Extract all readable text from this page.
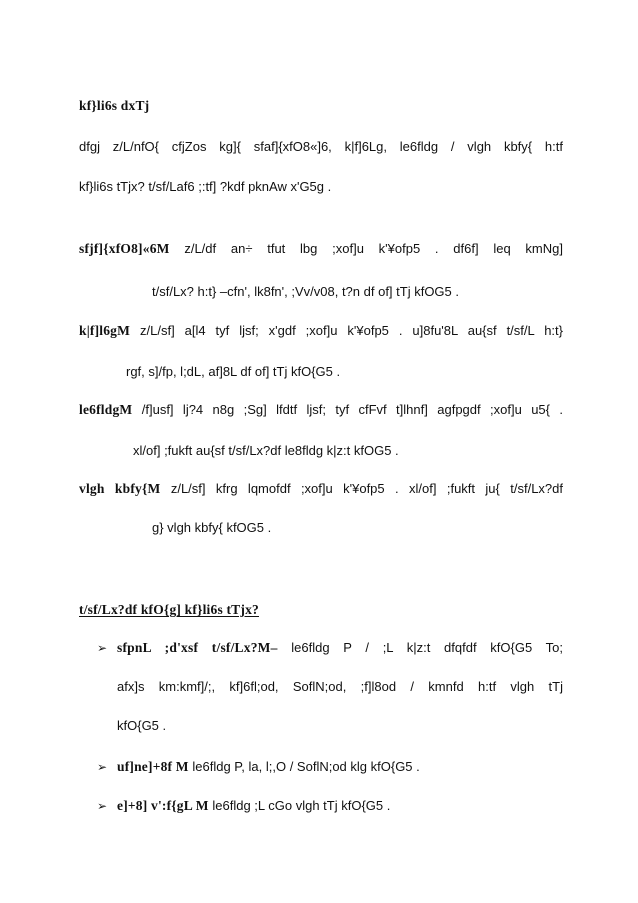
kf}li6s dxTj
dfgj z/L/nfO{ cfjZos kg]{ sfaf]{xfO8«]6, k|f]6Lg, le6fldg / vlgh kbfy{ h:tf
kf}li6s tTjx? t/sf/Laf6 ;:tf] ?kdf pknAw x'G5g .
sfjf]{xfO8]«6M z/L/df an÷ tfut lbg ;xof]u k'¥ofp5 . df6f] leq kmNg]
t/sf/Lx? h:t} –cfn', lk8fn', ;Vv/v08, t?n df of] tTj kfOG5 .
k|f]l6gM z/L/sf] a[l4 tyf ljsf; x'gdf ;xof]u k'¥ofp5 . u]8fu'8L au{sf t/sf/L h:t}
rgf, s]/fp, l;dL, af]8L df of] tTj kfO{G5 .
le6fldgM /f]usf] lj?4 n8g ;Sg] lfdtf ljsf; tyf cfFvf t]lhnf] agfpgdf ;xof]u u5{ .
xl/of] ;fukft au{sf t/sf/Lx?df le8fldg k|z:t kfOG5 .
vlgh kbfy{M z/L/sf] kfrg lqmofdf ;xof]u k'¥ofp5 . xl/of] ;fukft ju{ t/sf/Lx?df
g} vlgh kbfy{ kfOG5 .
t/sf/Lx?df kfO{g] kf}li6s tTjx?
➢ sfpnL ;d'xsf t/sf/Lx?M– le6fldg P / ;L k|z:t dfqfdf kfO{G5 To;
afx]s km:kmf]/;, kf]6fl;od, SoflN;od, ;f]l8od / kmnfd h:tf vlgh tTj
kfO{G5 .
➢ uf]ne]+8f M le6fldg P, la, l;,O / SoflN;od klg kfO{G5 .
➢ e]+8] v':f{gL M le6fldg ;L cGo vlgh tTj kfO{G5 .
